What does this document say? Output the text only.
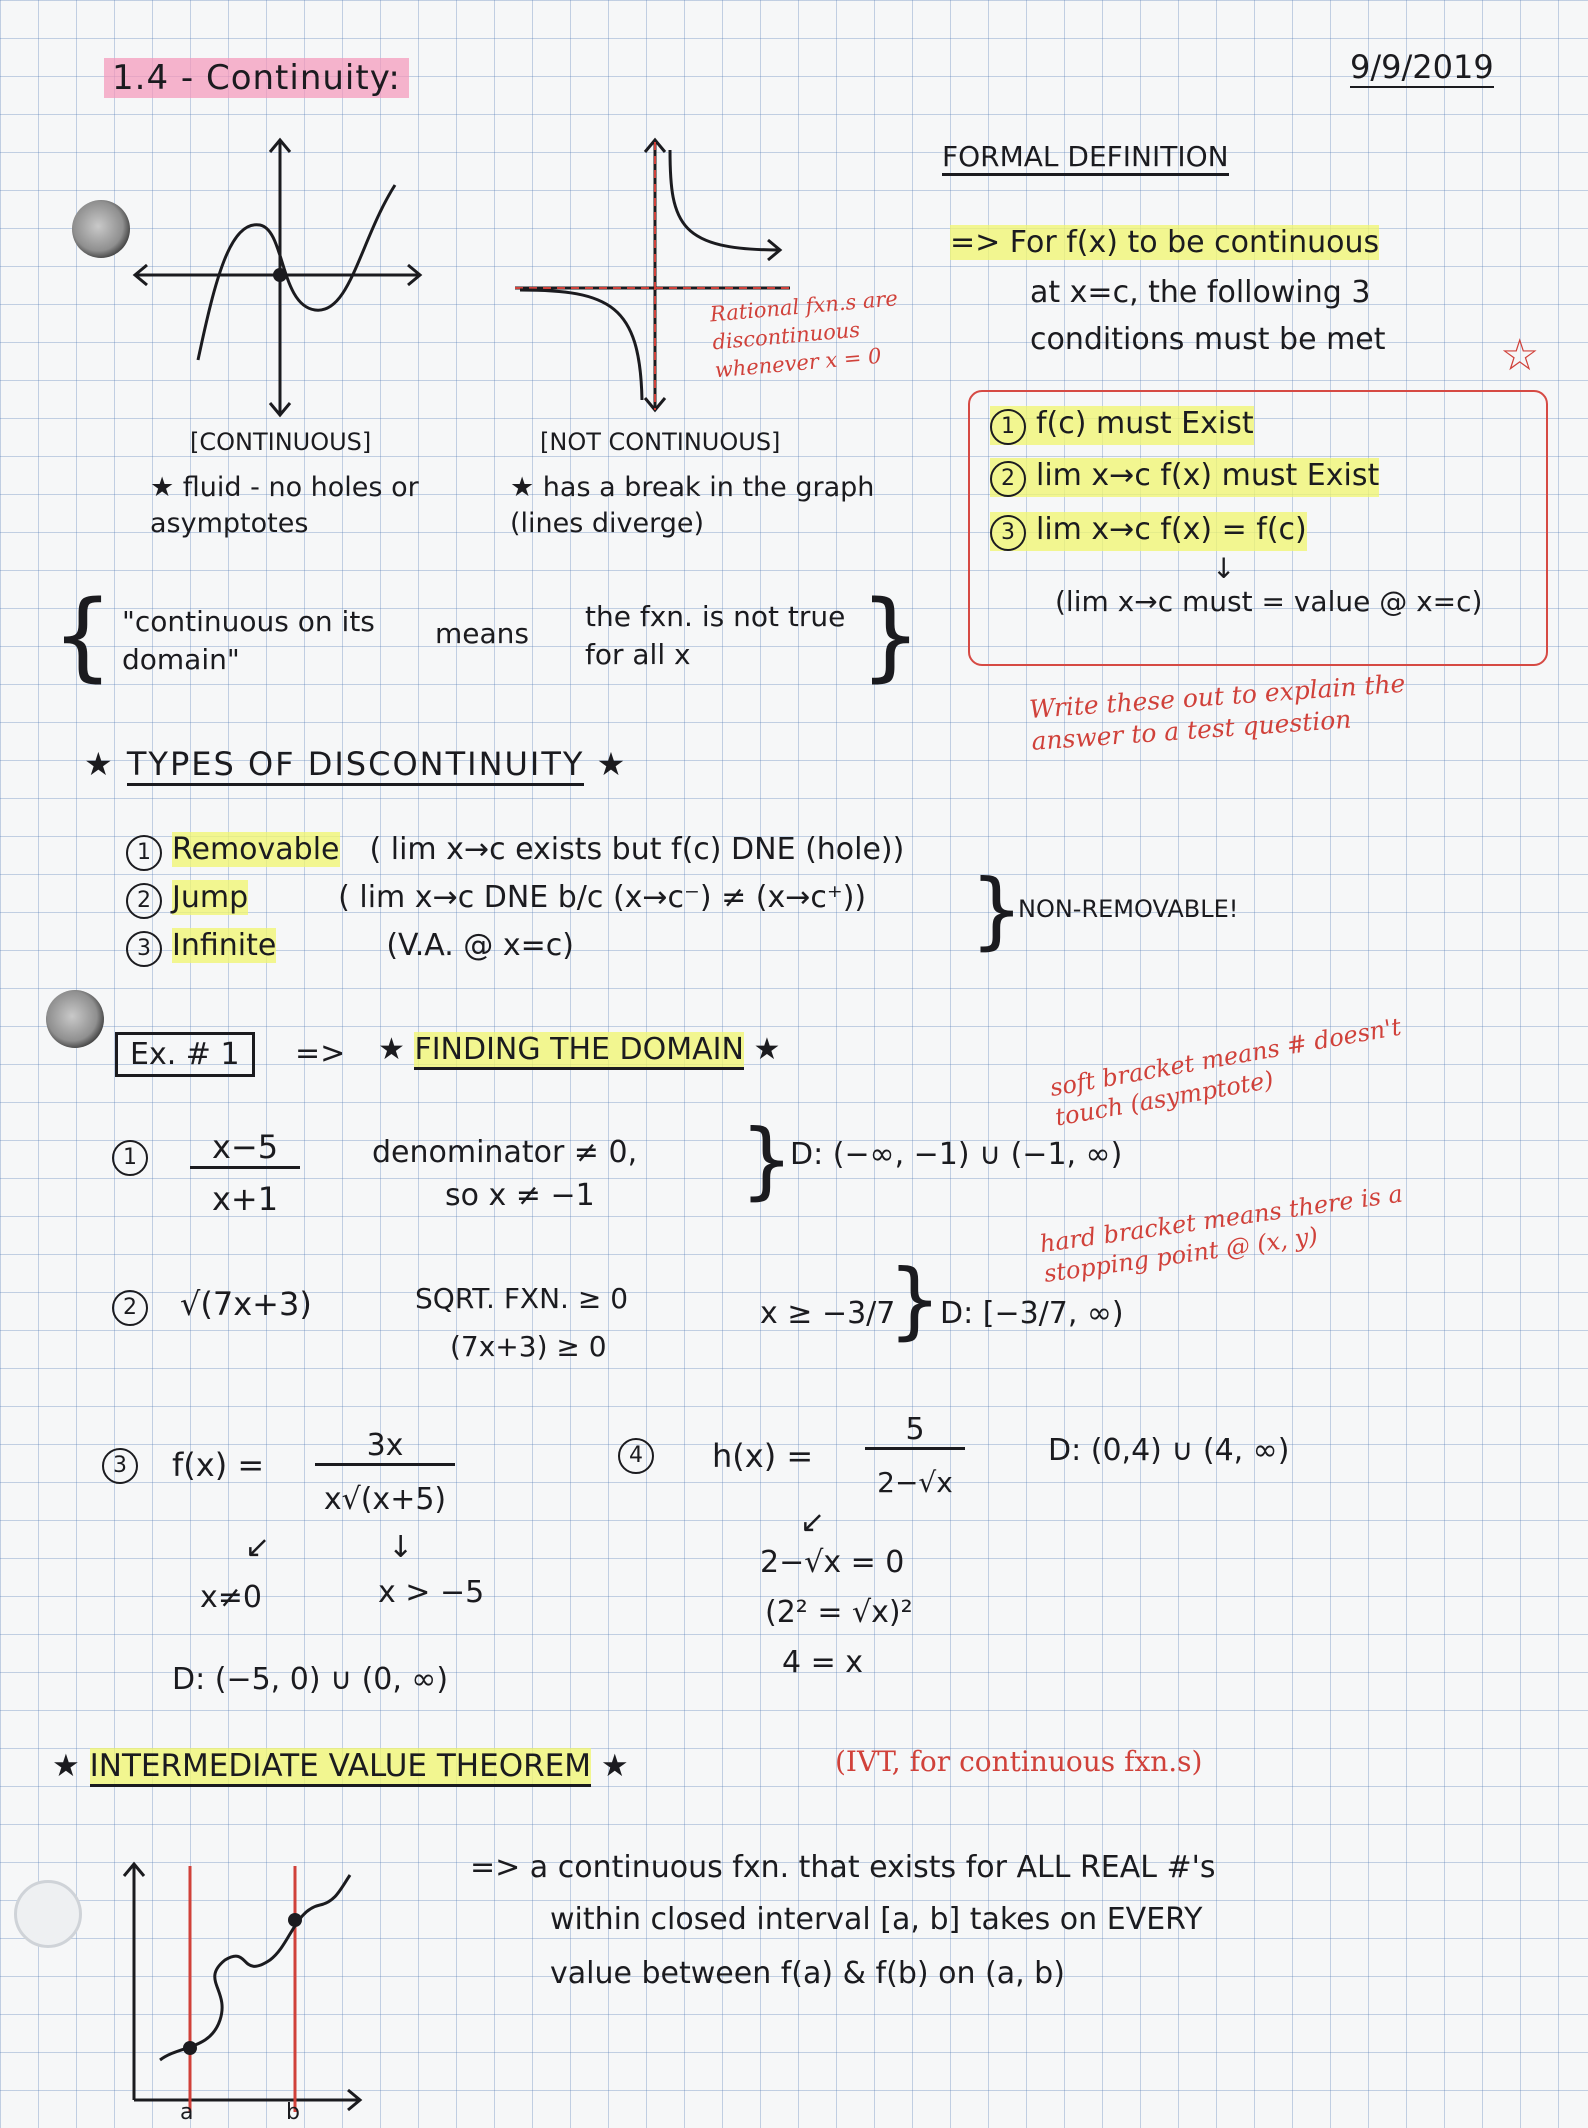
1.4 - Continuity:	9/9/2019
[CONTINUOUS]
★ fluid - no holes or asymptotes
Rational fxn.s are discontinuous whenever x = 0
[NOT CONTINUOUS]
★ has a break in the graph (lines diverge)
FORMAL DEFINITION
=> For f(x) to be continuous
at x=c, the following 3
conditions must be met	☆
1 f(c) must Exist
2 lim x→c f(x) must Exist
3 lim x→c f(x) = f(c)
↓
(lim x→c must = value @ x=c)
Write these out to explain the answer to a test question
{ "continuous on its domain"
means
the fxn. is not true for all x	}
★ TYPES OF DISCONTINUITY ★
1 Removable ( lim x→c exists but f(c) DNE (hole))
2 Jump	( lim x→c DNE b/c (x→c⁻) ≠ (x→c⁺))
3 Infinite	(V.A. @ x=c)	}
NON-REMOVABLE!
Ex. # 1	=> ★ FINDING THE DOMAIN ★
1	x−5
x+1
denominator ≠ 0,
so x ≠ −1 }
D: (−∞, −1) ∪ (−1, ∞)
soft bracket means # doesn't touch (asymptote)
2	√(7x+3)	SQRT. FXN. ≥ 0
(7x+3) ≥ 0
x ≥ −3/7
}
D: [−3/7, ∞)
hard bracket means there is a stopping point @ (x, y)
3	f(x) =
3x
x√(x+5)
↙	↓
x≠0	x > −5
D: (−5, 0) ∪ (0, ∞)
4	h(x) =
5
2−√x
D: (0,4) ∪ (4, ∞)
↙
2−√x = 0
(2² = √x)²
4 = x
★ INTERMEDIATE VALUE THEOREM ★	(IVT, for continuous fxn.s)
a	b
=> a continuous fxn. that exists for ALL REAL #'s
within closed interval [a, b] takes on EVERY
value between f(a) & f(b) on (a, b)
